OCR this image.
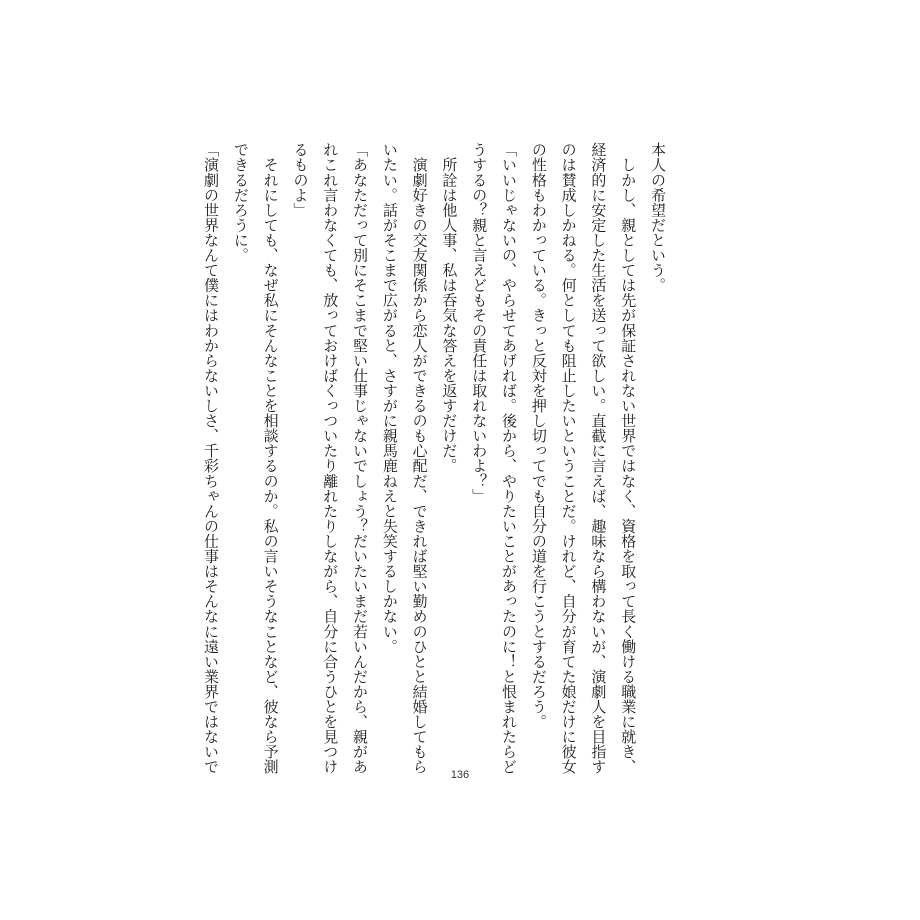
本人の希望だという。

　しかし、親としては先が保証されない世界ではなく、資格を取って長く働ける職業に就き、

経済的に安定した生活を送って欲しい。直截に言えば、趣味なら構わないが、演劇人を目指す

のは賛成しかねる。何としても阻止したいということだ。けれど、自分が育てた娘だけに彼女

の性格もわかっている。きっと反対を押し切ってでも自分の道を行こうとするだろう。

「いいじゃないの、やらせてあげれば。後から、やりたいことがあったのに！と恨まれたらど

うするの？親と言えどもその責任は取れないわよ？」

　所詮は他人事、私は呑気な答えを返すだけだ。

　演劇好きの交友関係から恋人ができるのも心配だ、できれば堅い勤めのひとと結婚してもら

いたい。話がそこまで広がると、さすがに親馬鹿ねえと失笑するしかない。

「あなただって別にそこまで堅い仕事じゃないでしょう？だいたいまだ若いんだから、親があ

れこれ言わなくても、放っておけばくっついたり離れたりしながら、自分に合うひとを見つけ

るものよ」

　それにしても、なぜ私にそんなことを相談するのか。私の言いそうなことなど、彼なら予測

できるだろうに。

「演劇の世界なんて僕にはわからないしさ、千彩ちゃんの仕事はそんなに遠い業界ではないで

136
